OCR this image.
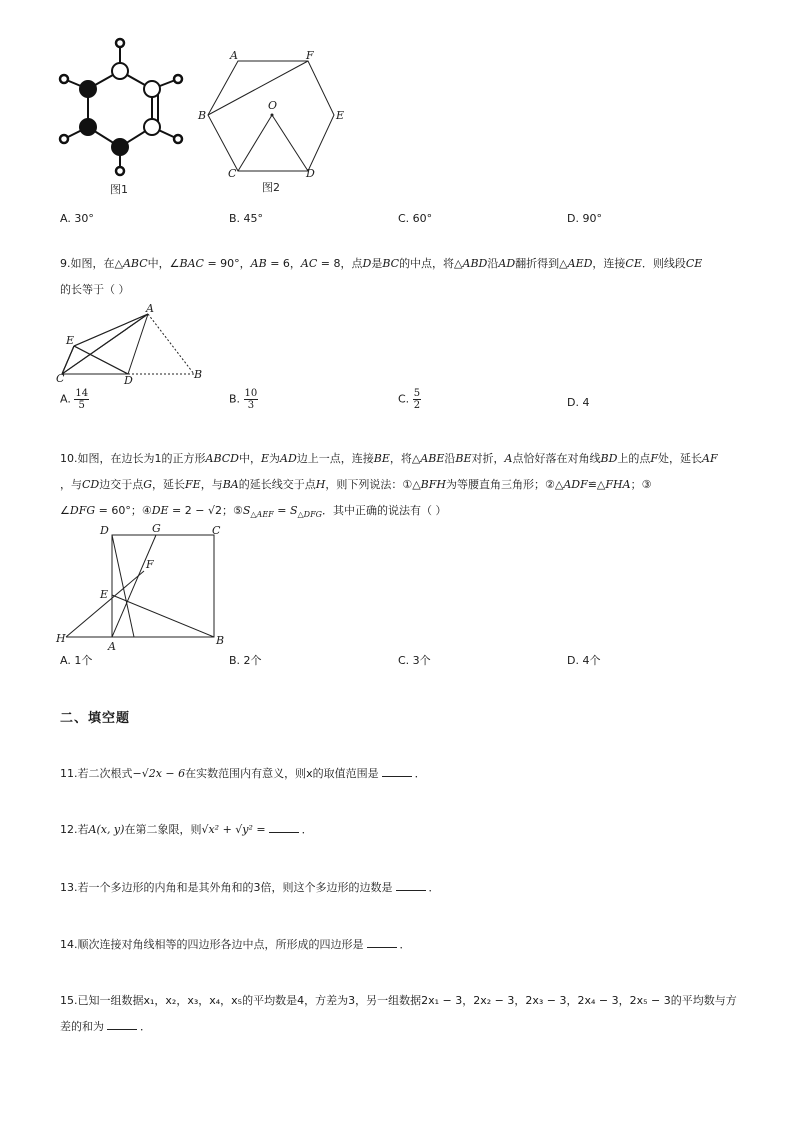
图1
A	F
B
O
E
C	D
图2
A. 30°	B. 45°	C. 60°	D. 90°
9.如图，在△ABC中，∠BAC = 90°，AB = 6，AC = 8，点D是BC的中点，将△ABD沿AD翻折得到△AED，连接CE．则线段CE
的长等于（ ）
A
E
C	D	B
A. $\frac{14}{5}$	B. $\frac{10}{3}$	C. $\frac{5}{2}$	D. 4
10.如图，在边长为1的正方形ABCD中，E为AD边上一点，连接BE，将△ABE沿BE对折，A点恰好落在对角线BD上的点F处，延长AF
，与CD边交于点G，延长FE，与BA的延长线交于点H，则下列说法：①△BFH为等腰直角三角形；②△ADF≌△FHA；③
∠DFG = 60°；④DE = 2 − √2；$⑤S_{\triangle AEF} = S_{\triangle DFG}$．其中正确的说法有（ ）
D	G	C
F
E
H
A	B
A. 1个	B. 2个	C. 3个	D. 4个
二、填空题
11.若二次根式−√2x − 6在实数范围内有意义，则x的取值范围是	．
12.若A(x, y)在第二象限，则√x² + √y² =	．
13.若一个多边形的内角和是其外角和的3倍，则这个多边形的边数是	．
14.顺次连接对角线相等的四边形各边中点，所形成的四边形是	．
15.已知一组数据x₁，x₂，x₃，x₄，x₅的平均数是4，方差为3，另一组数据2x₁ − 3，2x₂ − 3，2x₃ − 3，2x₄ − 3，2x₅ − 3的平均数与方
差的和为	．
